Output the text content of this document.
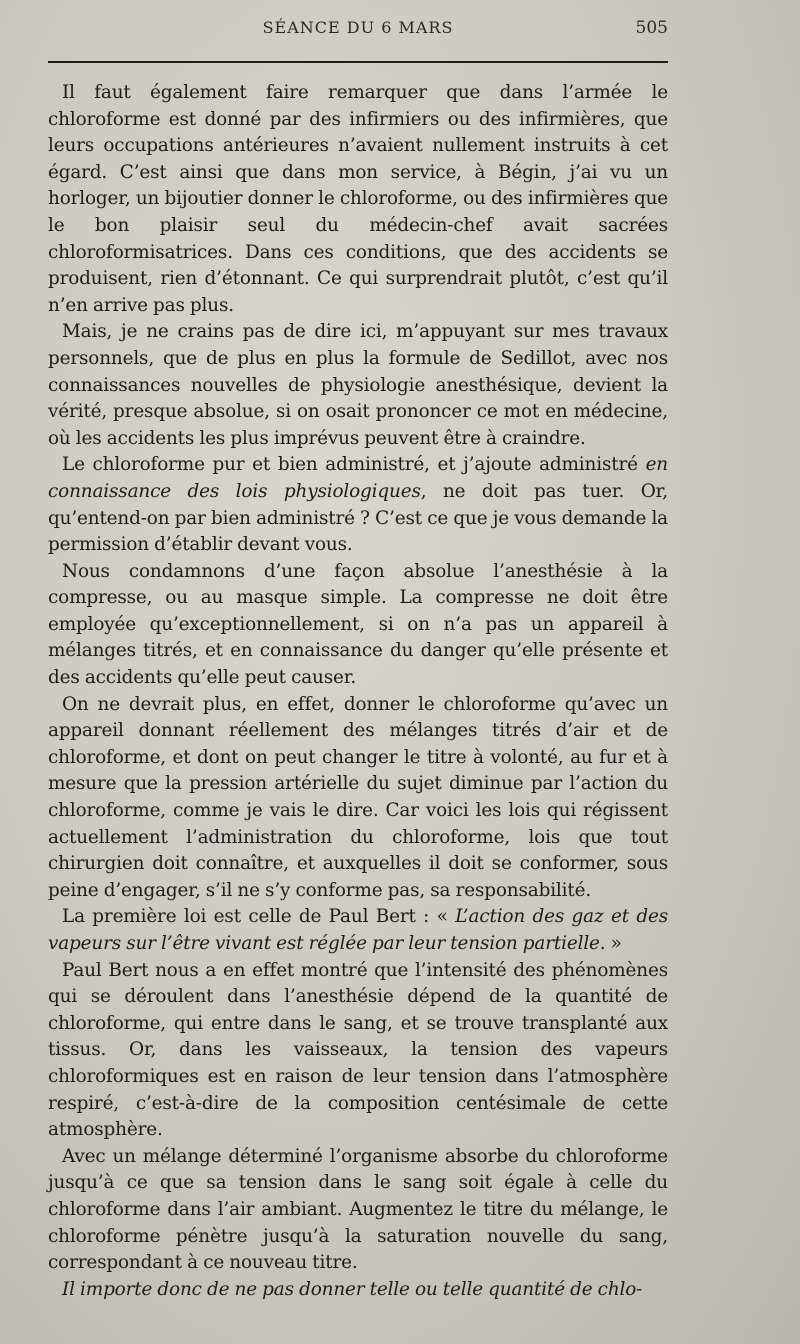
SÉANCE DU 6 MARS	505

Il faut également faire remarquer que dans l’armée le chloroforme est donné par des infirmiers ou des infirmières, que leurs occupations antérieures n’avaient nullement instruits à cet égard. C’est ainsi que dans mon service, à Bégin, j’ai vu un horloger, un bijoutier donner le chloroforme, ou des infirmières que le bon plaisir seul du médecin-chef avait sacrées chloroformisatrices. Dans ces conditions, que des accidents se produisent, rien d’étonnant. Ce qui surprendrait plutôt, c’est qu’il n’en arrive pas plus.

Mais, je ne crains pas de dire ici, m’appuyant sur mes travaux personnels, que de plus en plus la formule de Sedillot, avec nos connaissances nouvelles de physiologie anesthésique, devient la vérité, presque absolue, si on osait prononcer ce mot en médecine, où les accidents les plus imprévus peuvent être à craindre.

Le chloroforme pur et bien administré, et j’ajoute administré en connaissance des lois physiologiques, ne doit pas tuer. Or, qu’entend-on par bien administré ? C’est ce que je vous demande la permission d’établir devant vous.

Nous condamnons d’une façon absolue l’anesthésie à la compresse, ou au masque simple. La compresse ne doit être employée qu’exceptionnellement, si on n’a pas un appareil à mélanges titrés, et en connaissance du danger qu’elle présente et des accidents qu’elle peut causer.

On ne devrait plus, en effet, donner le chloroforme qu’avec un appareil donnant réellement des mélanges titrés d’air et de chloroforme, et dont on peut changer le titre à volonté, au fur et à mesure que la pression artérielle du sujet diminue par l’action du chloroforme, comme je vais le dire. Car voici les lois qui régissent actuellement l’administration du chloroforme, lois que tout chirurgien doit connaître, et auxquelles il doit se conformer, sous peine d’engager, s’il ne s’y conforme pas, sa responsabilité.

La première loi est celle de Paul Bert : « L’action des gaz et des vapeurs sur l’être vivant est réglée par leur tension partielle. »

Paul Bert nous a en effet montré que l’intensité des phénomènes qui se déroulent dans l’anesthésie dépend de la quantité de chloroforme, qui entre dans le sang, et se trouve transplanté aux tissus. Or, dans les vaisseaux, la tension des vapeurs chloroformiques est en raison de leur tension dans l’atmosphère respiré, c’est-à-dire de la composition centésimale de cette atmosphère.

Avec un mélange déterminé l’organisme absorbe du chloroforme jusqu’à ce que sa tension dans le sang soit égale à celle du chloroforme dans l’air ambiant. Augmentez le titre du mélange, le chloroforme pénètre jusqu’à la saturation nouvelle du sang, correspondant à ce nouveau titre.

Il importe donc de ne pas donner telle ou telle quantité de chlo-
